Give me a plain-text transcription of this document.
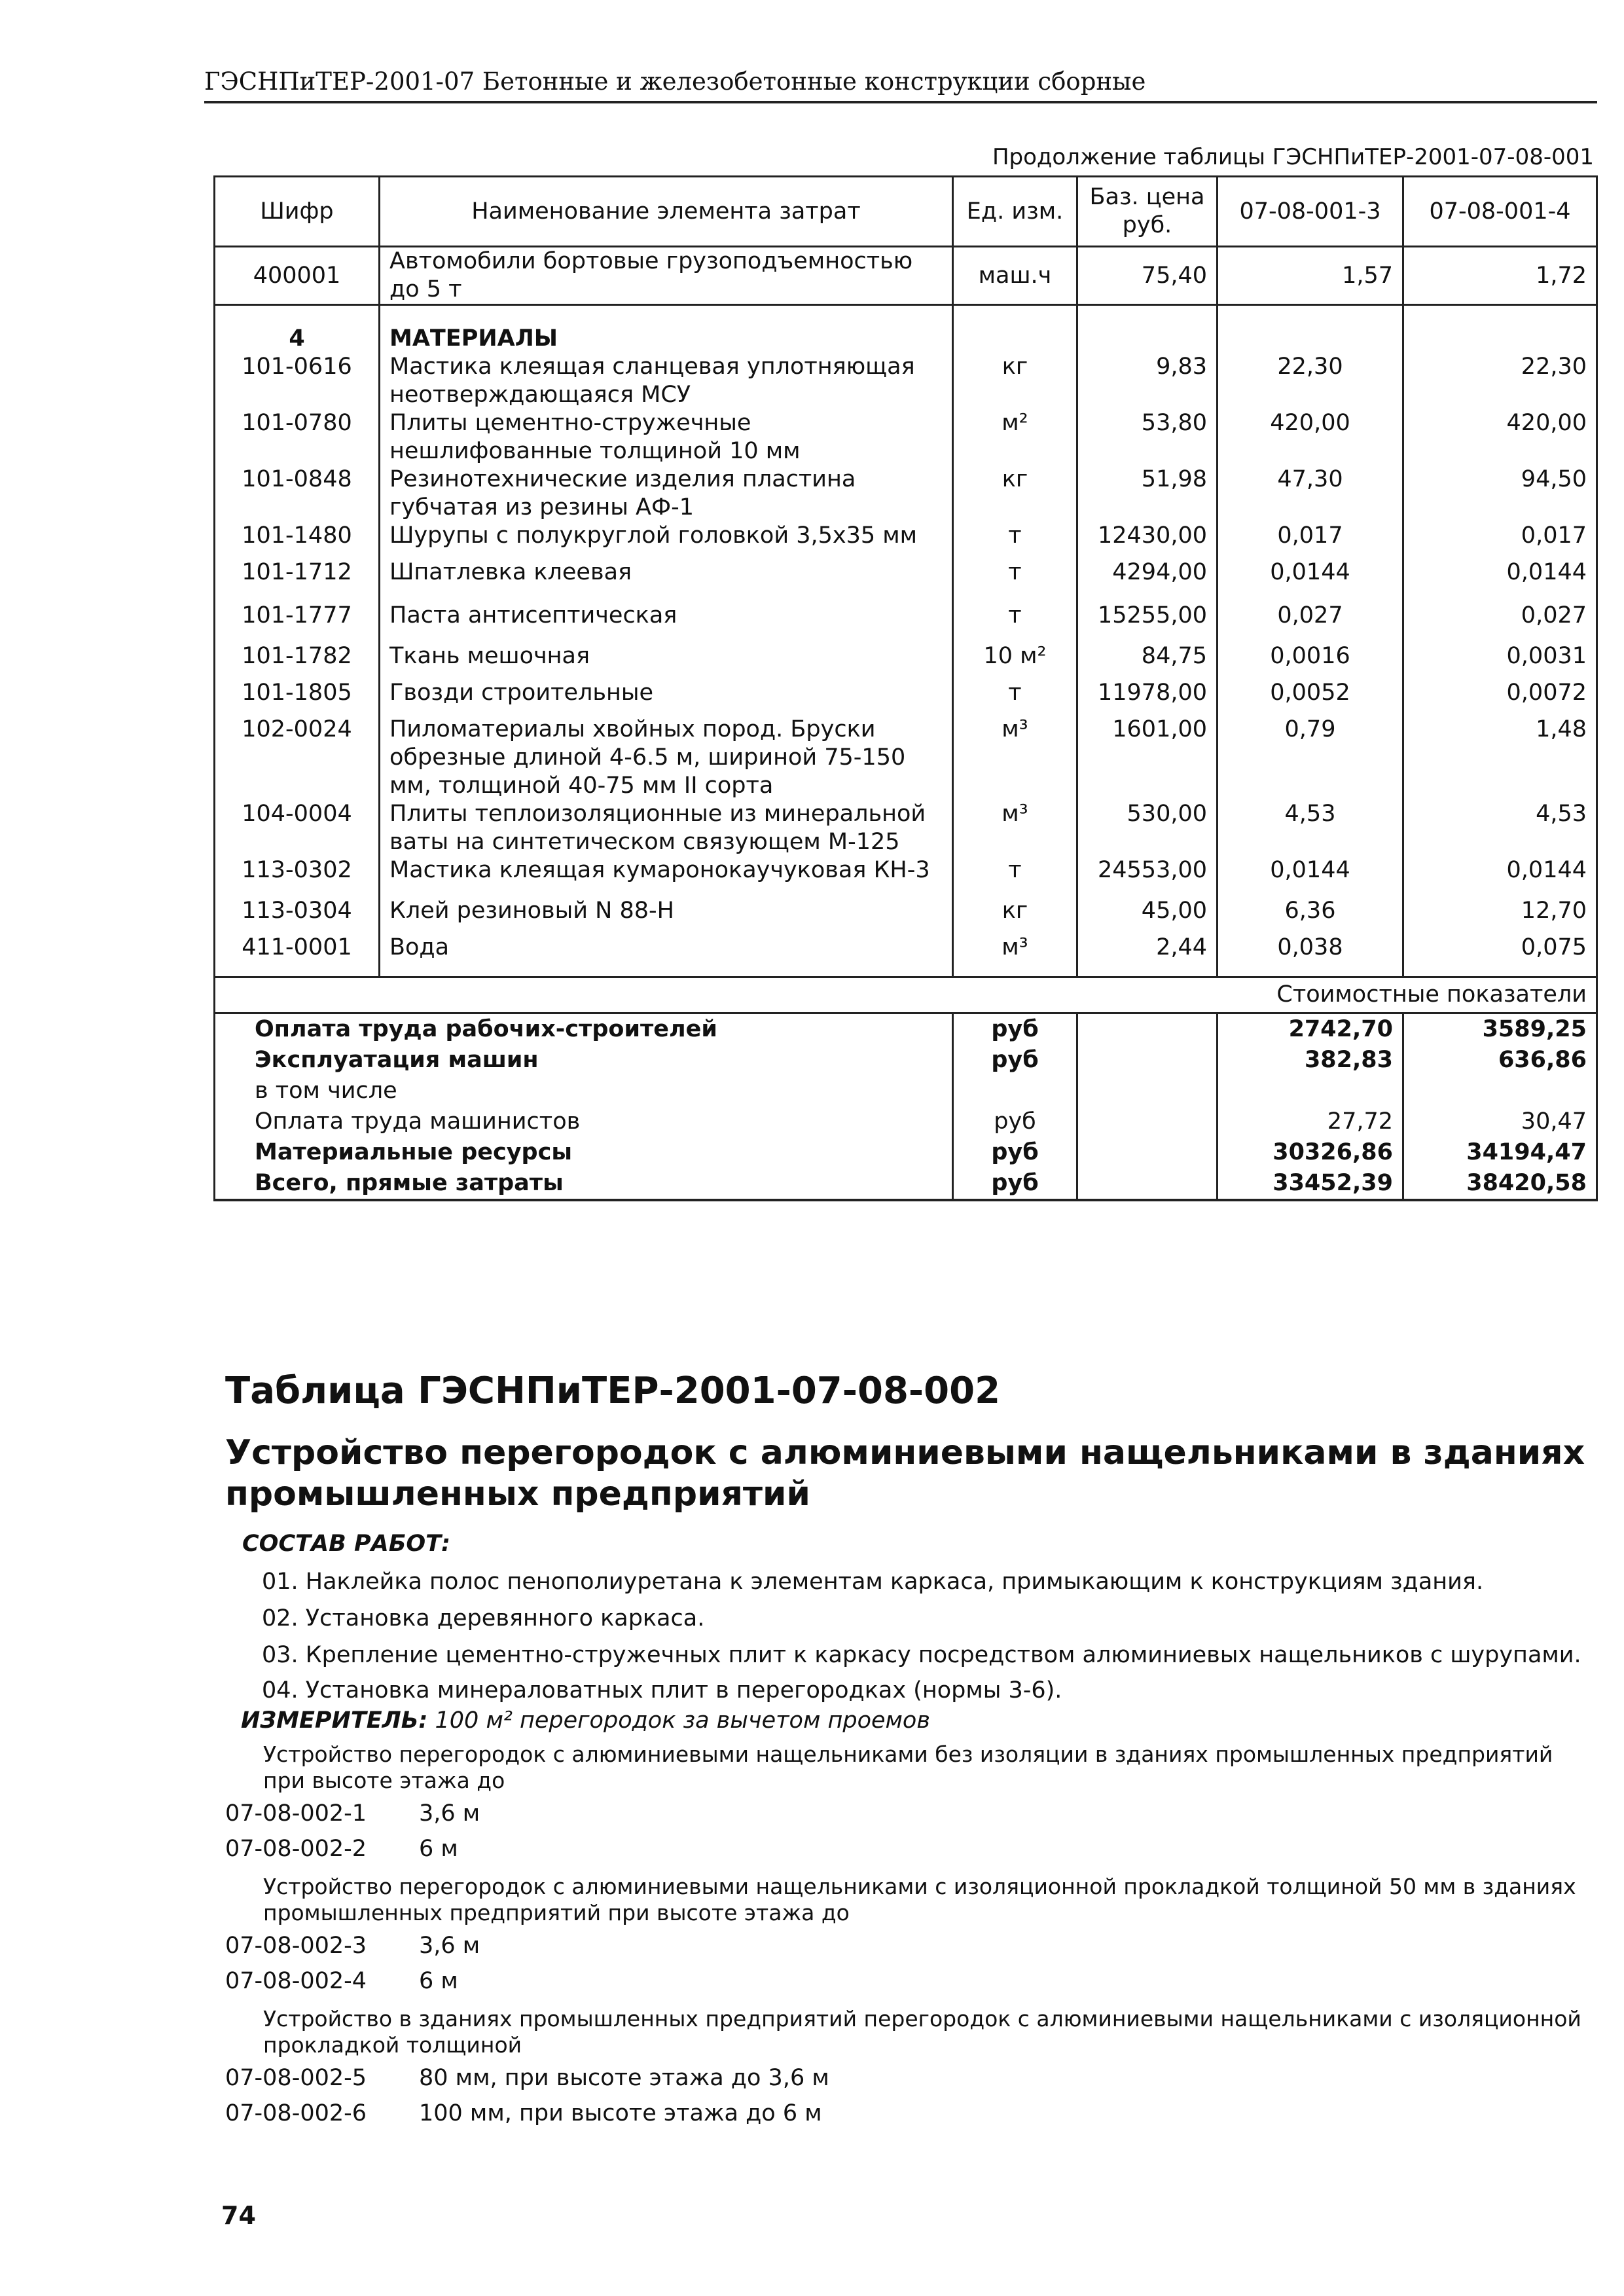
ГЭСНПиТЕР-2001-07 Бетонные и железобетонные конструкции сборные
Продолжение таблицы ГЭСНПиТЕР-2001-07-08-001
Шифр	Наименование элемента затрат	Ед. изм.	Баз. цена руб.	07-08-001-3	07-08-001-4
400001	Автомобили бортовые грузоподъемностью до 5 т	маш.ч	75,40	1,57	1,72
4	МАТЕРИАЛЫ				
101-0616	Мастика клеящая сланцевая уплотняющая неотверждающаяся МСУ	кг	9,83	22,30	22,30
101-0780	Плиты цементно-стружечные нешлифованные толщиной 10 мм	м²	53,80	420,00	420,00
101-0848	Резинотехнические изделия пластина губчатая из резины АФ-1	кг	51,98	47,30	94,50
101-1480	Шурупы с полукруглой головкой 3,5x35 мм	т	12430,00	0,017	0,017
101-1712	Шпатлевка клеевая	т	4294,00	0,0144	0,0144
101-1777	Паста антисептическая	т	15255,00	0,027	0,027
101-1782	Ткань мешочная	10 м²	84,75	0,0016	0,0031
101-1805	Гвозди строительные	т	11978,00	0,0052	0,0072
102-0024	Пиломатериалы хвойных пород. Бруски обрезные длиной 4-6.5 м, шириной 75-150 мм, толщиной 40-75 мм II сорта	м³	1601,00	0,79	1,48
104-0004	Плиты теплоизоляционные из минеральной ваты на синтетическом связующем М-125	м³	530,00	4,53	4,53
113-0302	Мастика клеящая кумаронокаучуковая КН-3	т	24553,00	0,0144	0,0144
113-0304	Клей резиновый N 88-Н	кг	45,00	6,36	12,70
411-0001	Вода	м³	2,44	0,038	0,075

Стоимостные показатели					
Оплата труда рабочих-строителей		руб		2742,70	3589,25
Эксплуатация машин		руб		382,83	636,86
в том числе					
Оплата труда машинистов		руб		27,72	30,47
Материальные ресурсы		руб		30326,86	34194,47
Всего, прямые затраты		руб		33452,39	38420,58
Таблица ГЭСНПиТЕР-2001-07-08-002
Устройство перегородок с алюминиевыми нащельниками в зданиях промышленных предприятий
СОСТАВ РАБОТ:
01. Наклейка полос пенополиуретана к элементам каркаса, примыкающим к конструкциям здания.
02. Установка деревянного каркаса.
03. Крепление цементно-стружечных плит к каркасу посредством алюминиевых нащельников с шурупами.
04. Установка минераловатных плит в перегородках (нормы 3-6).
ИЗМЕРИТЕЛЬ: 100 м² перегородок за вычетом проемов
Устройство перегородок с алюминиевыми нащельниками без изоляции в зданиях промышленных предприятий при высоте этажа до
07-08-002-1 3,6 м
07-08-002-2 6 м
Устройство перегородок с алюминиевыми нащельниками с изоляционной прокладкой толщиной 50 мм в зданиях промышленных предприятий при высоте этажа до
07-08-002-3 3,6 м
07-08-002-4 6 м
Устройство в зданиях промышленных предприятий перегородок с алюминиевыми нащельниками с изоляционной прокладкой толщиной
07-08-002-5 80 мм, при высоте этажа до 3,6 м
07-08-002-6 100 мм, при высоте этажа до 6 м
74
